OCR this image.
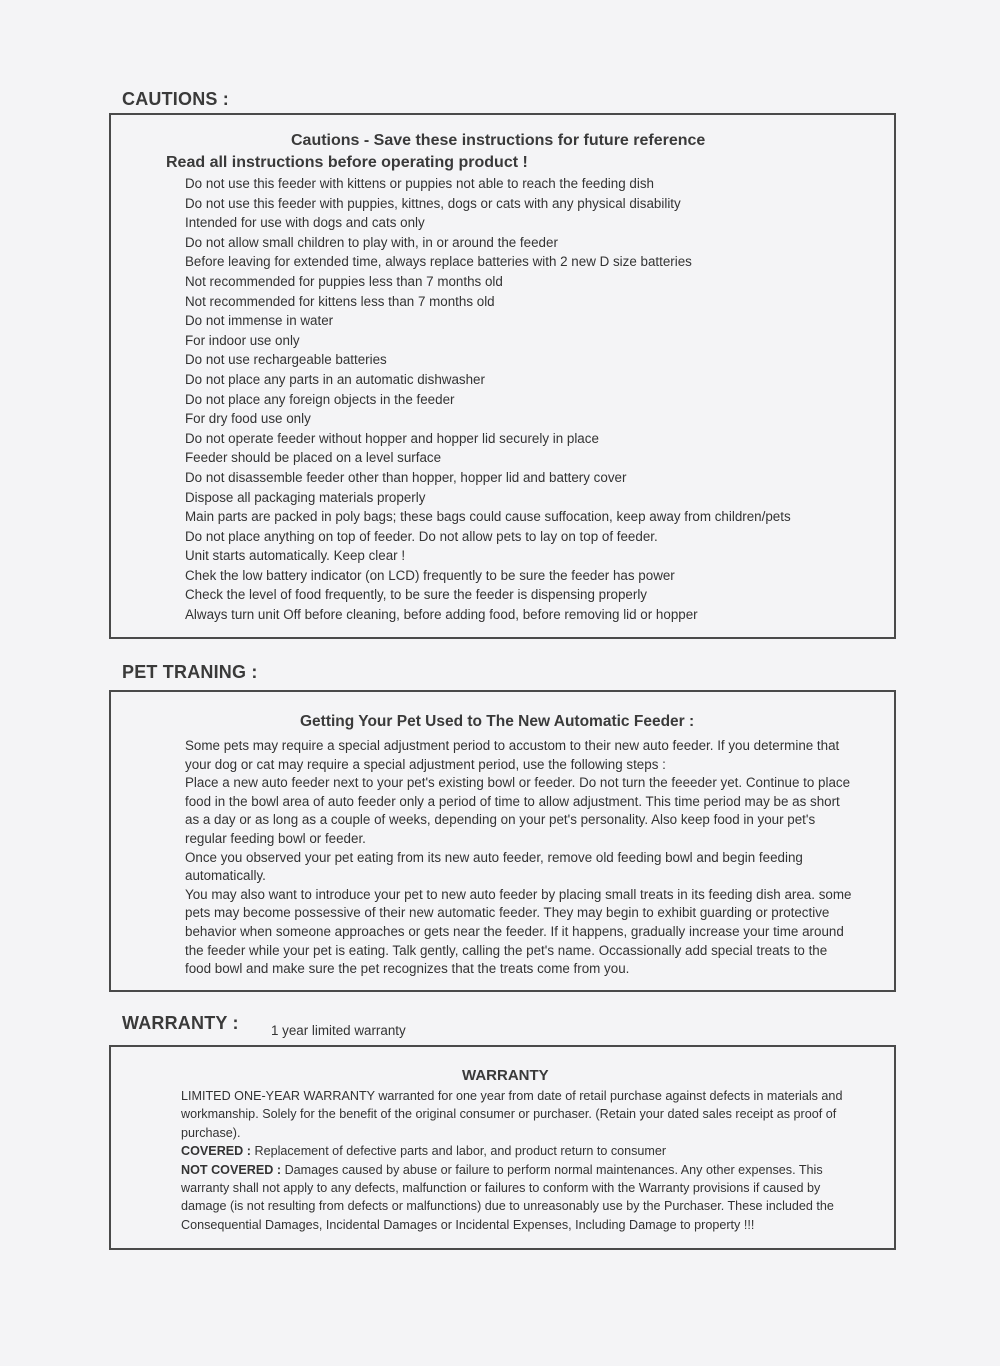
CAUTIONS :
Cautions - Save these instructions for future reference
Read all instructions before operating product !
Do not use this feeder with kittens or puppies not able to reach the feeding dish
Do not use this feeder with puppies, kittnes, dogs or cats with any physical disability
Intended for use with dogs and cats only
Do not allow small children to play with, in or around the feeder
Before leaving for extended time, always replace batteries with 2 new D size batteries
Not recommended for puppies less than 7 months old
Not recommended for kittens less than 7 months old
Do not immense in water
For indoor use only
Do not use rechargeable batteries
Do not place any parts in an automatic dishwasher
Do not place any foreign objects in the feeder
For dry food use only
Do not operate feeder without hopper and hopper lid securely in place
Feeder should be placed on a level surface
Do not disassemble feeder other than hopper, hopper lid and battery cover
Dispose all packaging materials properly
Main parts are packed in poly bags; these bags could cause suffocation, keep away from children/pets
Do not place anything on top of feeder. Do not allow pets to lay on top of feeder.
Unit starts automatically. Keep clear !
Chek the low battery indicator (on LCD) frequently to be sure the feeder has power
Check the level of food frequently, to be sure the feeder is dispensing properly
Always turn unit Off before cleaning, before adding food, before removing lid or hopper
PET TRANING :
Getting Your Pet Used to The New Automatic Feeder :
Some pets may require a special adjustment period to accustom to their new auto feeder. If you determine that your dog or cat may require a special adjustment period, use the following steps :
Place a new auto feeder next to your pet's existing bowl or feeder. Do not turn the feeeder yet. Continue to place food in the bowl area of auto feeder only a period of time to allow adjustment. This time period may be as short as a day or as long as a couple of weeks, depending on your pet's personality. Also keep food in your pet's regular feeding bowl or feeder.
Once you observed your pet eating from its new auto feeder, remove old feeding bowl and begin feeding automatically.
You may also want to introduce your pet to new auto feeder by placing small treats in its feeding dish area. some pets may become possessive of their new automatic feeder. They may begin to exhibit guarding or protective behavior when someone approaches or gets near the feeder. If it happens, gradually increase your time around the feeder while your pet is eating. Talk gently, calling the pet's name. Occassionally add special treats to the food bowl and make sure the pet recognizes that the treats come from you.
WARRANTY : 1 year limited warranty
WARRANTY
LIMITED ONE-YEAR WARRANTY warranted for one year from date of retail purchase against defects in materials and workmanship. Solely for the benefit of the original consumer or purchaser. (Retain your dated sales receipt as proof of purchase).
COVERED : Replacement of defective parts and labor, and product return to consumer
NOT COVERED : Damages caused by abuse or failure to perform normal maintenances. Any other expenses. This warranty shall not apply to any defects, malfunction or failures to conform with the Warranty provisions if caused by damage (is not resulting from defects or malfunctions) due to unreasonably use by the Purchaser. These included the Consequential Damages, Incidental Damages or Incidental Expenses, Including Damage to property !!!
